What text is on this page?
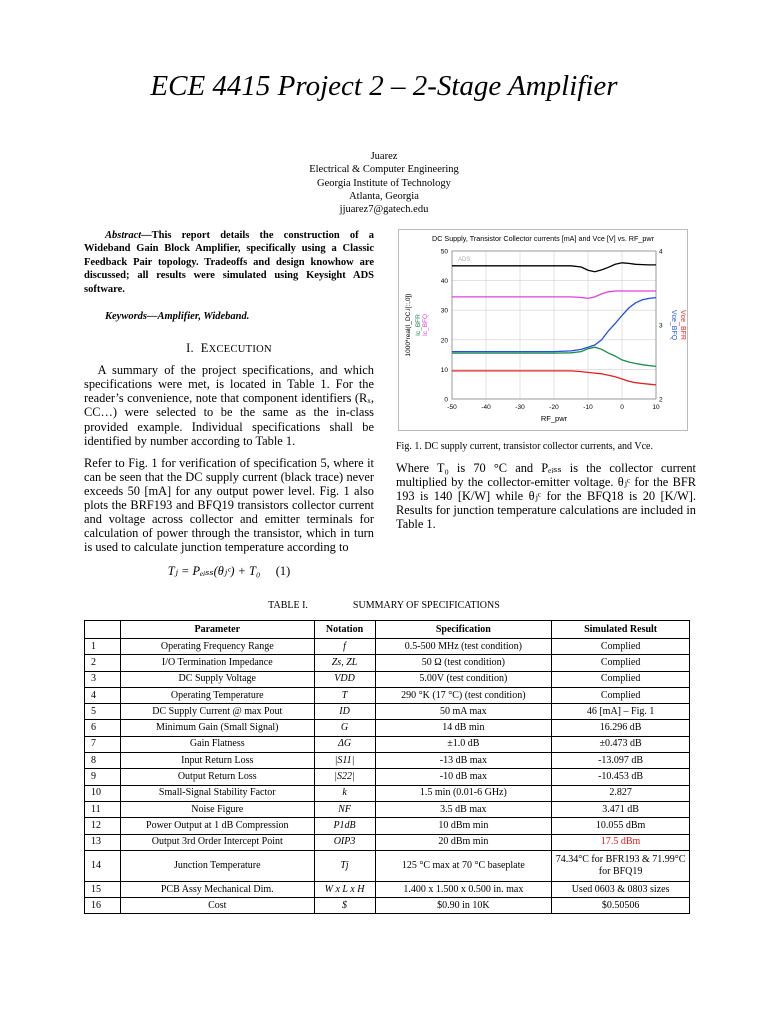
ECE 4415 Project 2 – 2-Stage Amplifier
Juarez
Electrical & Computer Engineering
Georgia Institute of Technology
Atlanta, Georgia
jjuarez7@gatech.edu

Abstract—This report details the construction of a Wideband Gain Block Amplifier, specifically using a Classic Feedback Pair topology. Tradeoffs and design knowhow are discussed; all results were simulated using Keysight ADS software.

Keywords—Amplifier, Wideband.

I. EXCECUTION

A summary of the project specifications, and which specifications were met, is located in Table 1. For the reader’s convenience, note that component identifiers (Rₓ, CC…) were selected to be the same as the in-class provided example. Individual specifications shall be identified by number according to Table 1.

Refer to Fig. 1 for verification of specification 5, where it can be seen that the DC supply current (black trace) never exceeds 50 [mA] for any output power level. Fig. 1 also plots the BRF193 and BFQ19 transistors collector current and voltage across collector and emitter terminals for calculation of power through the transistor, which in turn is used to calculate junction temperature according to

Tⱼ = Pₑᵢₛₛ(θⱼᶜ) + T₀ (1)
DC Supply, Transistor Collector currents [mA] and Vce [V] vs. RF_pwr
-50	-40	-30	-20	-10	0	10
0
10
20
30
40
50
2
3
4
ADS
RF_pwr
1000*real(I_DC.i[::,0]) Ic_BFR Ic_BFQ	Vce_BFQ Vce_BFR
Fig. 1. DC supply current, transistor collector currents, and Vce.
Where T₀ is 70 °C and Pₑᵢₛₛ is the collector current multiplied by the collector-emitter voltage. θⱼᶜ for the BFR 193 is 140 [K/W] while θⱼᶜ for the BFQ18 is 20 [K/W]. Results for junction temperature calculations are included in Table 1.
TABLE I.	SUMMARY OF SPECIFICATIONS
	Parameter	Notation	Specification	Simulated Result
1	Operating Frequency Range	f	0.5-500 MHz (test condition)	Complied
2	I/O Termination Impedance	Zs, ZL	50 Ω (test condition)	Complied
3	DC Supply Voltage	VDD	5.00V (test condition)	Complied
4	Operating Temperature	T	290 °K (17 °C) (test condition)	Complied
5	DC Supply Current @ max Pout	ID	50 mA max	46 [mA] – Fig. 1
6	Minimum Gain (Small Signal)	G	14 dB min	16.296 dB
7	Gain Flatness	ΔG	±1.0 dB	±0.473 dB
8	Input Return Loss	|S11|	-13 dB max	-13.097 dB
9	Output Return Loss	|S22|	-10 dB max	-10.453 dB
10	Small-Signal Stability Factor	k	1.5 min (0.01-6 GHz)	2.827
11	Noise Figure	NF	3.5 dB max	3.471 dB
12	Power Output at 1 dB Compression	P1dB	10 dBm min	10.055 dBm
13	Output 3rd Order Intercept Point	OIP3	20 dBm min	17.5 dBm
14	Junction Temperature	Tj	125 °C max at 70 °C baseplate	74.34°C for BFR193 & 71.99°C for BFQ19
15	PCB Assy Mechanical Dim.	W x L x H	1.400 x 1.500 x 0.500 in. max	Used 0603 & 0803 sizes
16	Cost	$	$0.90 in 10K	$0.50506
